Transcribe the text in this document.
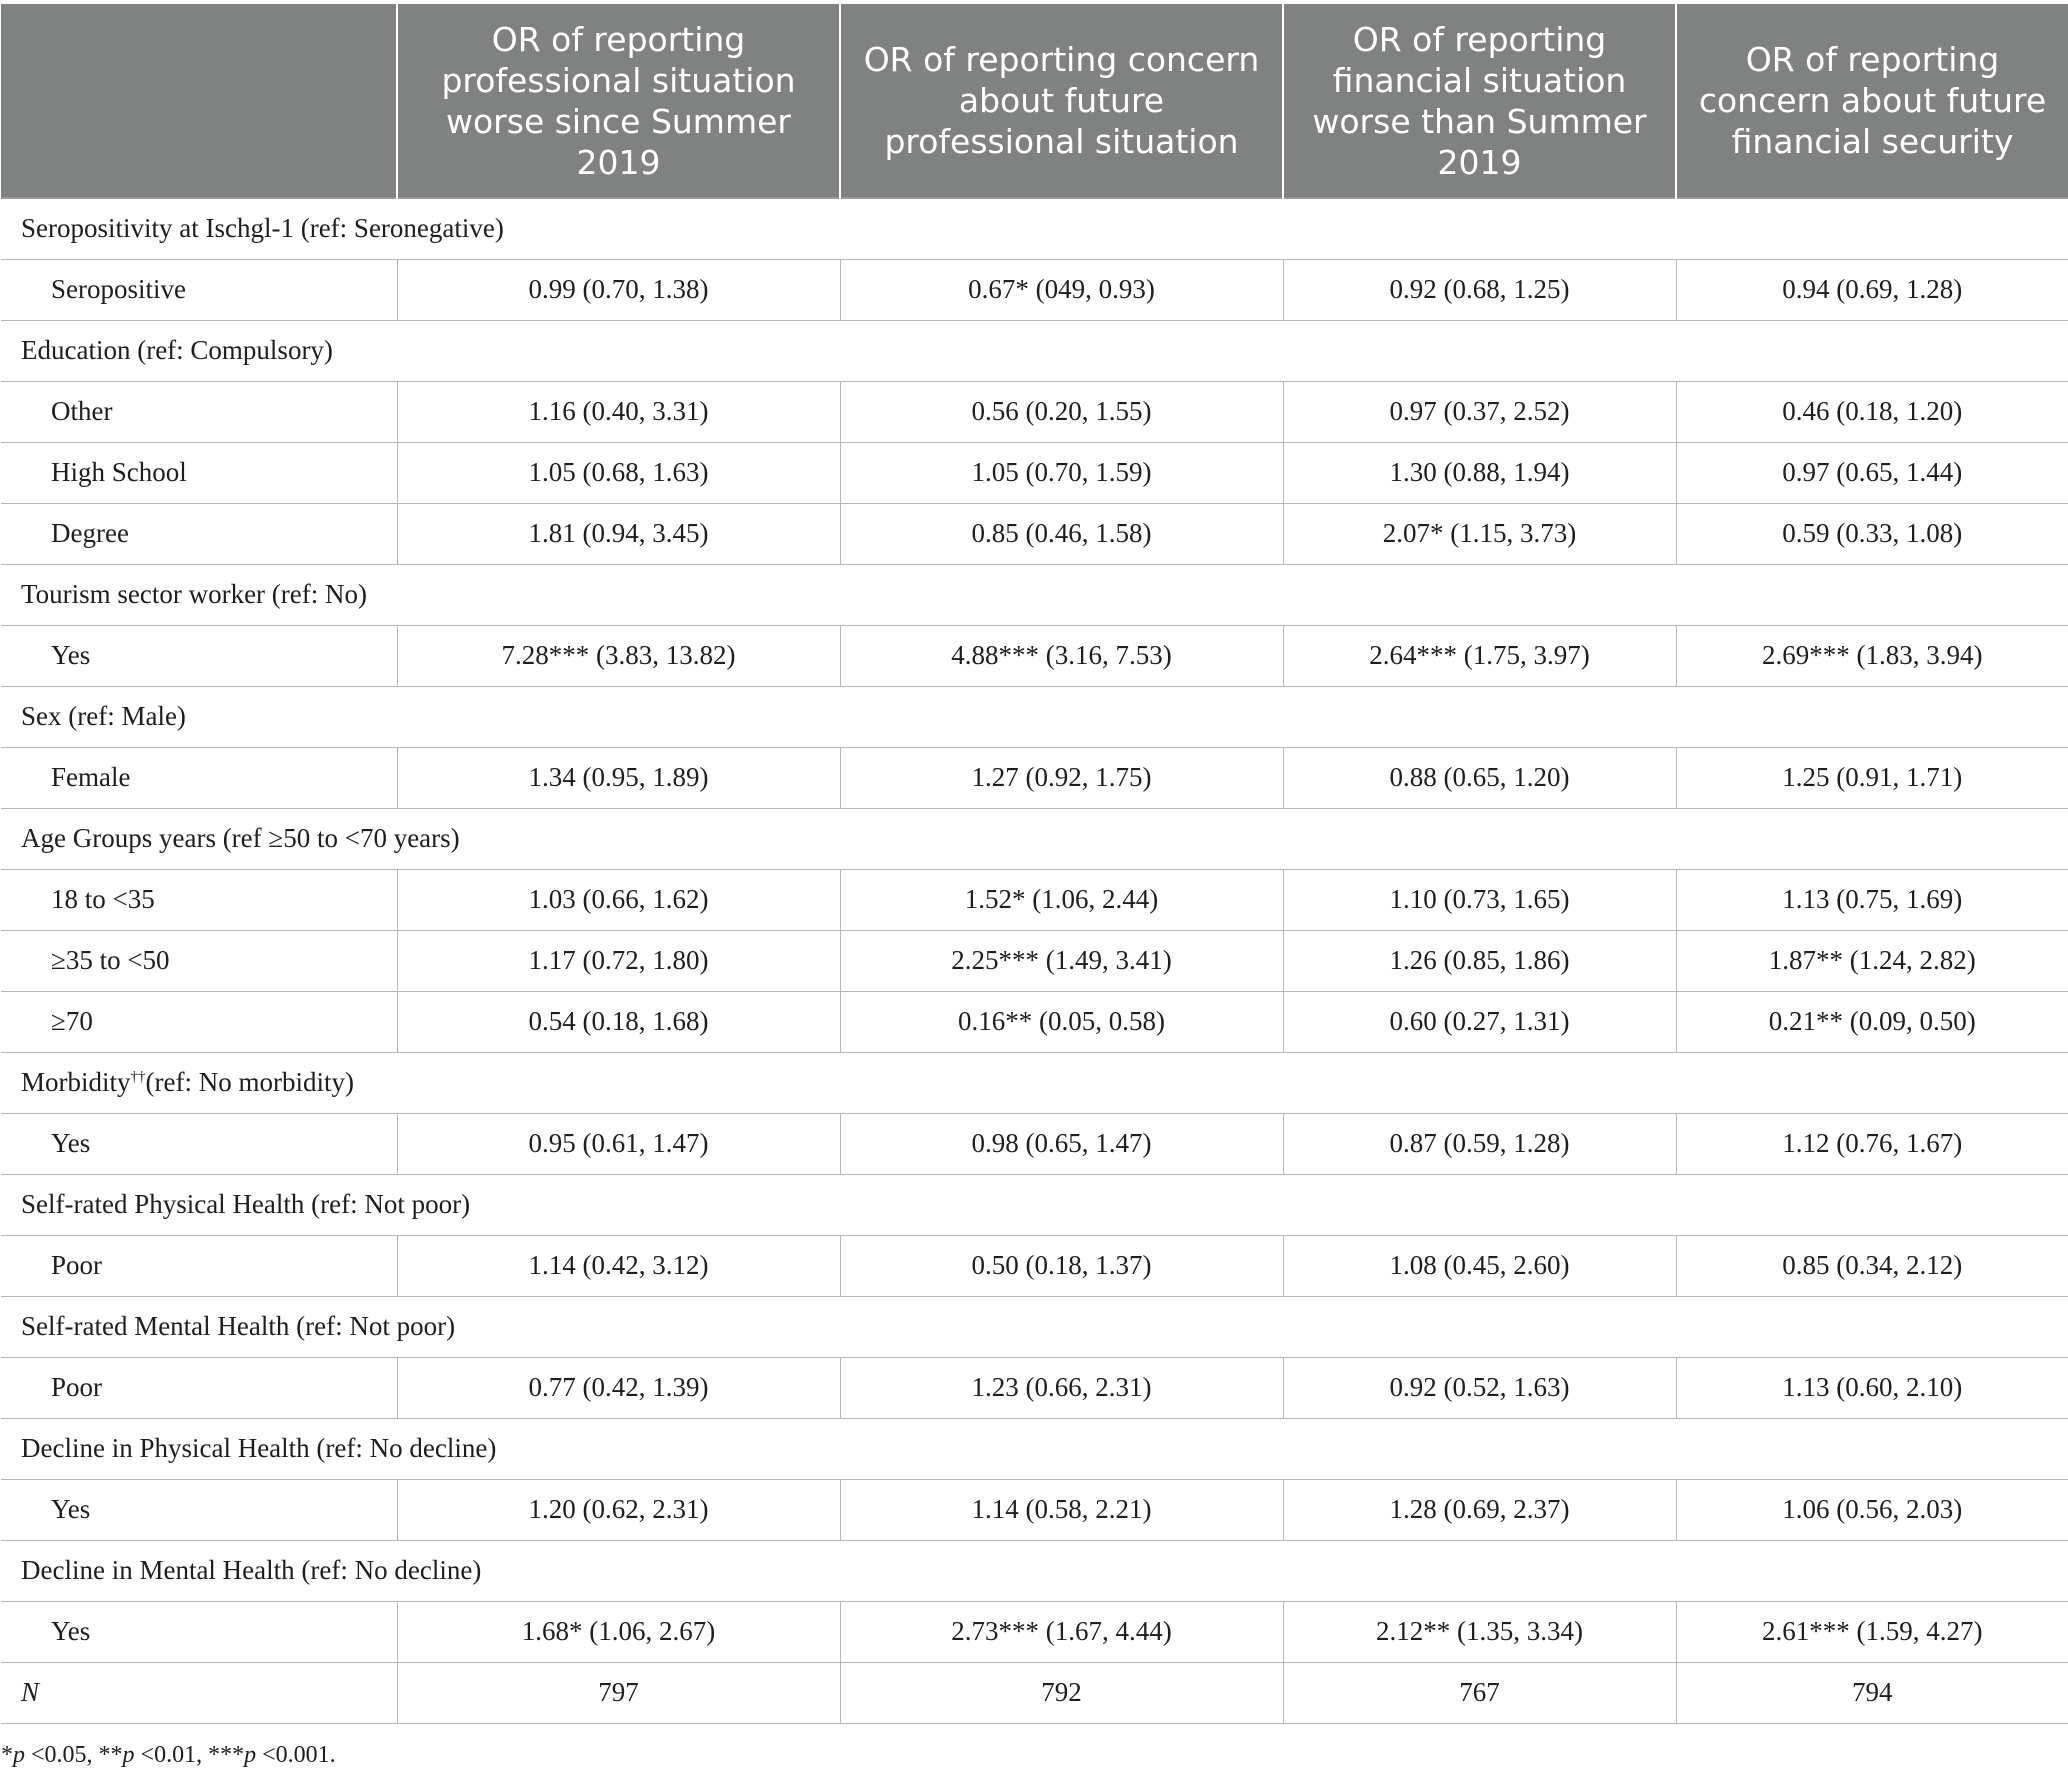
	OR of reporting professional situation worse since Summer 2019	OR of reporting concern about future professional situation	OR of reporting financial situation worse than Summer 2019	OR of reporting concern about future financial security
Seropositivity at Ischgl-1 (ref: Seronegative)				
Seropositive	0.99 (0.70, 1.38)	0.67* (049, 0.93)	0.92 (0.68, 1.25)	0.94 (0.69, 1.28)
Education (ref: Compulsory)				
Other	1.16 (0.40, 3.31)	0.56 (0.20, 1.55)	0.97 (0.37, 2.52)	0.46 (0.18, 1.20)
High School	1.05 (0.68, 1.63)	1.05 (0.70, 1.59)	1.30 (0.88, 1.94)	0.97 (0.65, 1.44)
Degree	1.81 (0.94, 3.45)	0.85 (0.46, 1.58)	2.07* (1.15, 3.73)	0.59 (0.33, 1.08)
Tourism sector worker (ref: No)				
Yes	7.28*** (3.83, 13.82)	4.88*** (3.16, 7.53)	2.64*** (1.75, 3.97)	2.69*** (1.83, 3.94)
Sex (ref: Male)				
Female	1.34 (0.95, 1.89)	1.27 (0.92, 1.75)	0.88 (0.65, 1.20)	1.25 (0.91, 1.71)
Age Groups years (ref ≥50 to <70 years)				
18 to <35	1.03 (0.66, 1.62)	1.52* (1.06, 2.44)	1.10 (0.73, 1.65)	1.13 (0.75, 1.69)
≥35 to <50	1.17 (0.72, 1.80)	2.25*** (1.49, 3.41)	1.26 (0.85, 1.86)	1.87** (1.24, 2.82)
≥70	0.54 (0.18, 1.68)	0.16** (0.05, 0.58)	0.60 (0.27, 1.31)	0.21** (0.09, 0.50)
Morbidity††(ref: No morbidity)				
Yes	0.95 (0.61, 1.47)	0.98 (0.65, 1.47)	0.87 (0.59, 1.28)	1.12 (0.76, 1.67)
Self-rated Physical Health (ref: Not poor)				
Poor	1.14 (0.42, 3.12)	0.50 (0.18, 1.37)	1.08 (0.45, 2.60)	0.85 (0.34, 2.12)
Self-rated Mental Health (ref: Not poor)				
Poor	0.77 (0.42, 1.39)	1.23 (0.66, 2.31)	0.92 (0.52, 1.63)	1.13 (0.60, 2.10)
Decline in Physical Health (ref: No decline)				
Yes	1.20 (0.62, 2.31)	1.14 (0.58, 2.21)	1.28 (0.69, 2.37)	1.06 (0.56, 2.03)
Decline in Mental Health (ref: No decline)				
Yes	1.68* (1.06, 2.67)	2.73*** (1.67, 4.44)	2.12** (1.35, 3.34)	2.61*** (1.59, 4.27)
N	797	792	767	794
*p <0.05, **p <0.01, ***p <0.001.
